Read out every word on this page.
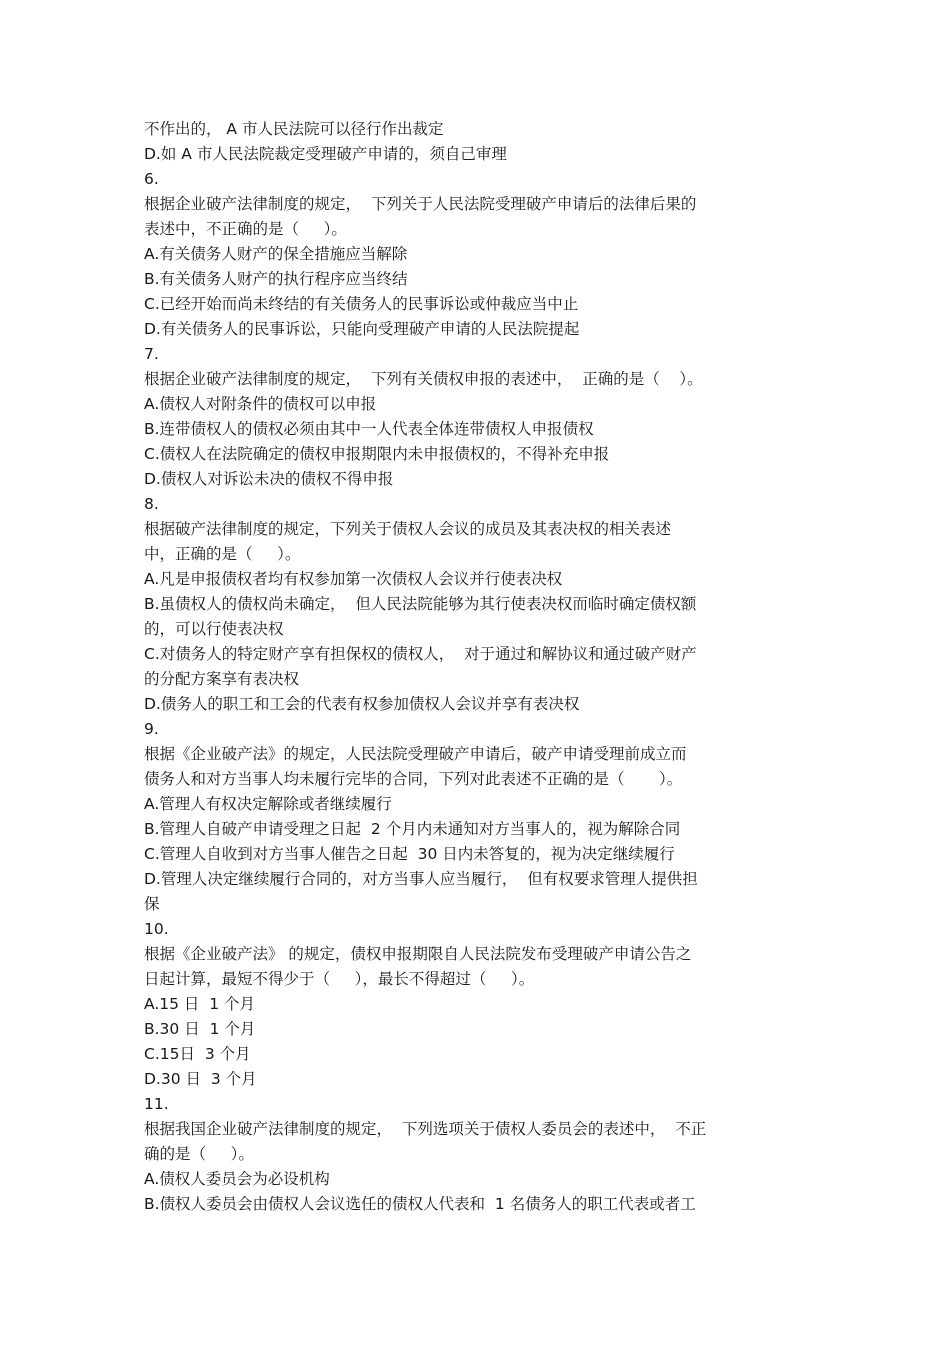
不作出的， A 市人民法院可以径行作出裁定
D.如 A 市人民法院裁定受理破产申请的，须自己审理
6.
根据企业破产法律制度的规定，  下列关于人民法院受理破产申请后的法律后果的
表述中，不正确的是（     ）。
A.有关债务人财产的保全措施应当解除
B.有关债务人财产的执行程序应当终结
C.已经开始而尚未终结的有关债务人的民事诉讼或仲裁应当中止
D.有关债务人的民事诉讼，只能向受理破产申请的人民法院提起
7.
根据企业破产法律制度的规定，  下列有关债权申报的表述中，  正确的是（    ）。
A.债权人对附条件的债权可以申报
B.连带债权人的债权必须由其中一人代表全体连带债权人申报债权
C.债权人在法院确定的债权申报期限内未申报债权的，不得补充申报
D.债权人对诉讼未决的债权不得申报
8.
根据破产法律制度的规定，下列关于债权人会议的成员及其表决权的相关表述
中，正确的是（     ）。
A.凡是申报债权者均有权参加第一次债权人会议并行使表决权
B.虽债权人的债权尚未确定，  但人民法院能够为其行使表决权而临时确定债权额
的，可以行使表决权
C.对债务人的特定财产享有担保权的债权人，  对于通过和解协议和通过破产财产
的分配方案享有表决权
D.债务人的职工和工会的代表有权参加债权人会议并享有表决权
9.
根据《企业破产法》的规定，人民法院受理破产申请后，破产申请受理前成立而
债务人和对方当事人均未履行完毕的合同，下列对此表述不正确的是（       ）。
A.管理人有权决定解除或者继续履行
B.管理人自破产申请受理之日起  2 个月内未通知对方当事人的，视为解除合同
C.管理人自收到对方当事人催告之日起  30 日内未答复的，视为决定继续履行
D.管理人决定继续履行合同的，对方当事人应当履行，  但有权要求管理人提供担
保
10.
根据《企业破产法》 的规定，债权申报期限自人民法院发布受理破产申请公告之
日起计算，最短不得少于（     ），最长不得超过（     ）。
A.15 日  1 个月
B.30 日  1 个月
C.15日  3 个月
D.30 日  3 个月
11.
根据我国企业破产法律制度的规定，  下列选项关于债权人委员会的表述中，  不正
确的是（     ）。
A.债权人委员会为必设机构
B.债权人委员会由债权人会议选任的债权人代表和  1 名债务人的职工代表或者工
